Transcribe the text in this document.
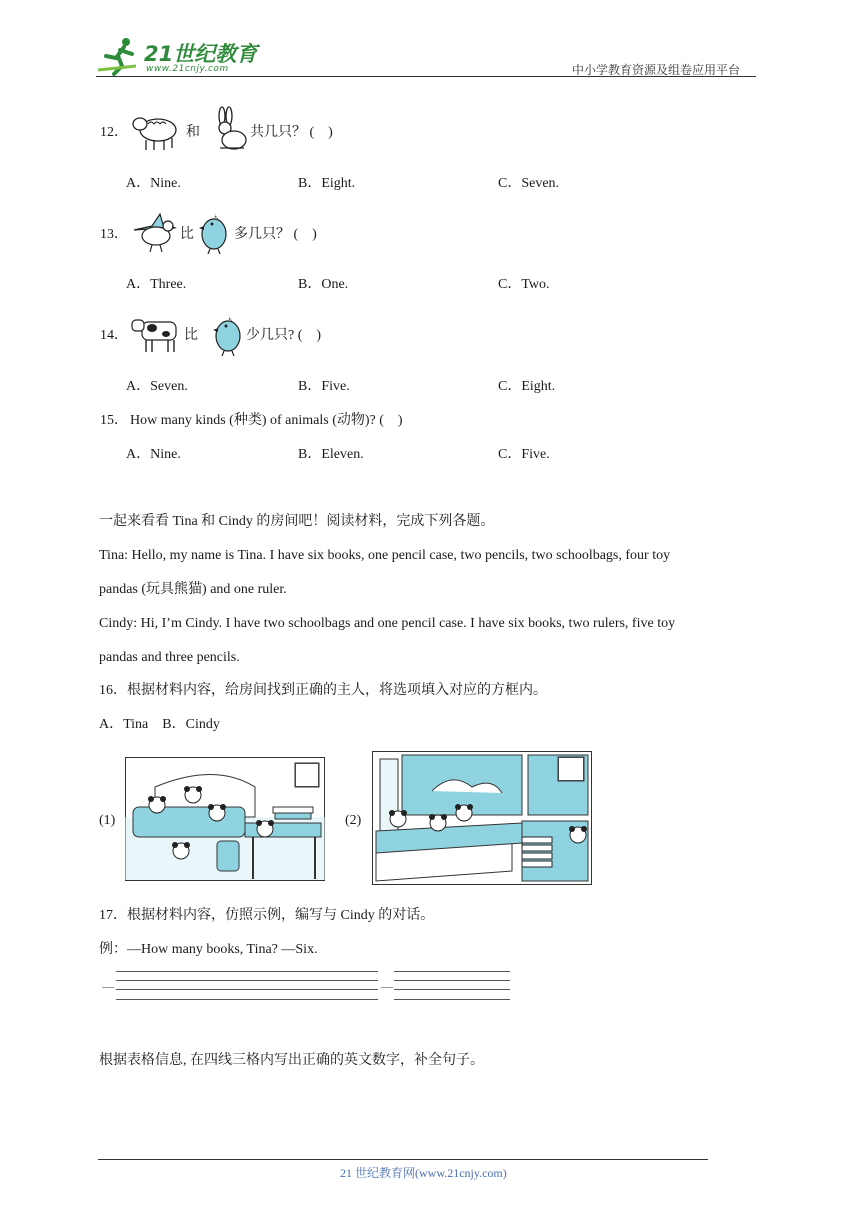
21世纪教育
www.21cnjy.com	中小学教育资源及组卷应用平台
12．	和	共几只？ (　)
A．Nine.	B．Eight.	C．Seven.
13．	比	多几只？ (　)
A．Three.	B．One.	C．Two.
14．	比	少几只? (　)
A．Seven.	B．Five.	C．Eight.
15． How many kinds (种类) of animals (动物)? (　)
A．Nine.	B．Eleven.	C．Five.
一起来看看 Tina 和 Cindy 的房间吧！阅读材料，完成下列各题。
Tina: Hello, my name is Tina. I have six books, one pencil case, two pencils, two schoolbags, four toy
pandas (玩具熊猫) and one ruler.
Cindy: Hi, I’m Cindy. I have two schoolbags and one pencil case. I have six books, two rulers, five toy
pandas and three pencils.
16．根据材料内容，给房间找到正确的主人，将选项填入对应的方框内。
A．Tina　B．Cindy
(1)	(2)
17．根据材料内容，仿照示例，编写与 Cindy 的对话。
例：—How many books, Tina? —Six.
—	—
根据表格信息, 在四线三格内写出正确的英文数字，补全句子。
21 世纪教育网(www.21cnjy.com)
